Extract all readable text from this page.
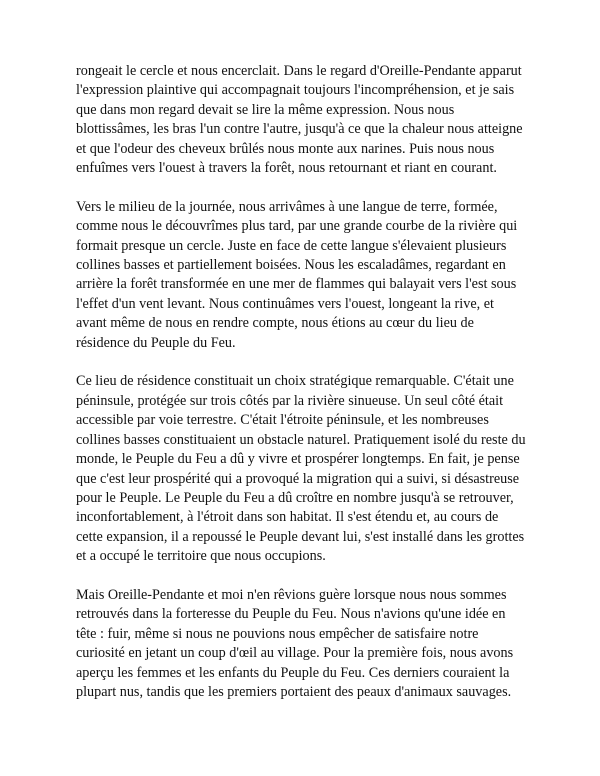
rongeait le cercle et nous encerclait. Dans le regard d'Oreille-Pendante apparut l'expression plaintive qui accompagnait toujours l'incompréhension, et je sais que dans mon regard devait se lire la même expression. Nous nous blottissâmes, les bras l'un contre l'autre, jusqu'à ce que la chaleur nous atteigne et que l'odeur des cheveux brûlés nous monte aux narines. Puis nous nous enfuîmes vers l'ouest à travers la forêt, nous retournant et riant en courant.

Vers le milieu de la journée, nous arrivâmes à une langue de terre, formée, comme nous le découvrîmes plus tard, par une grande courbe de la rivière qui formait presque un cercle. Juste en face de cette langue s'élevaient plusieurs collines basses et partiellement boisées. Nous les escaladâmes, regardant en arrière la forêt transformée en une mer de flammes qui balayait vers l'est sous l'effet d'un vent levant. Nous continuâmes vers l'ouest, longeant la rive, et avant même de nous en rendre compte, nous étions au cœur du lieu de résidence du Peuple du Feu.

Ce lieu de résidence constituait un choix stratégique remarquable. C'était une péninsule, protégée sur trois côtés par la rivière sinueuse. Un seul côté était accessible par voie terrestre. C'était l'étroite péninsule, et les nombreuses collines basses constituaient un obstacle naturel. Pratiquement isolé du reste du monde, le Peuple du Feu a dû y vivre et prospérer longtemps. En fait, je pense que c'est leur prospérité qui a provoqué la migration qui a suivi, si désastreuse pour le Peuple. Le Peuple du Feu a dû croître en nombre jusqu'à se retrouver, inconfortablement, à l'étroit dans son habitat. Il s'est étendu et, au cours de cette expansion, il a repoussé le Peuple devant lui, s'est installé dans les grottes et a occupé le territoire que nous occupions.

Mais Oreille-Pendante et moi n'en rêvions guère lorsque nous nous sommes retrouvés dans la forteresse du Peuple du Feu. Nous n'avions qu'une idée en tête : fuir, même si nous ne pouvions nous empêcher de satisfaire notre curiosité en jetant un coup d'œil au village. Pour la première fois, nous avons aperçu les femmes et les enfants du Peuple du Feu. Ces derniers couraient la plupart nus, tandis que les premiers portaient des peaux d'animaux sauvages.
